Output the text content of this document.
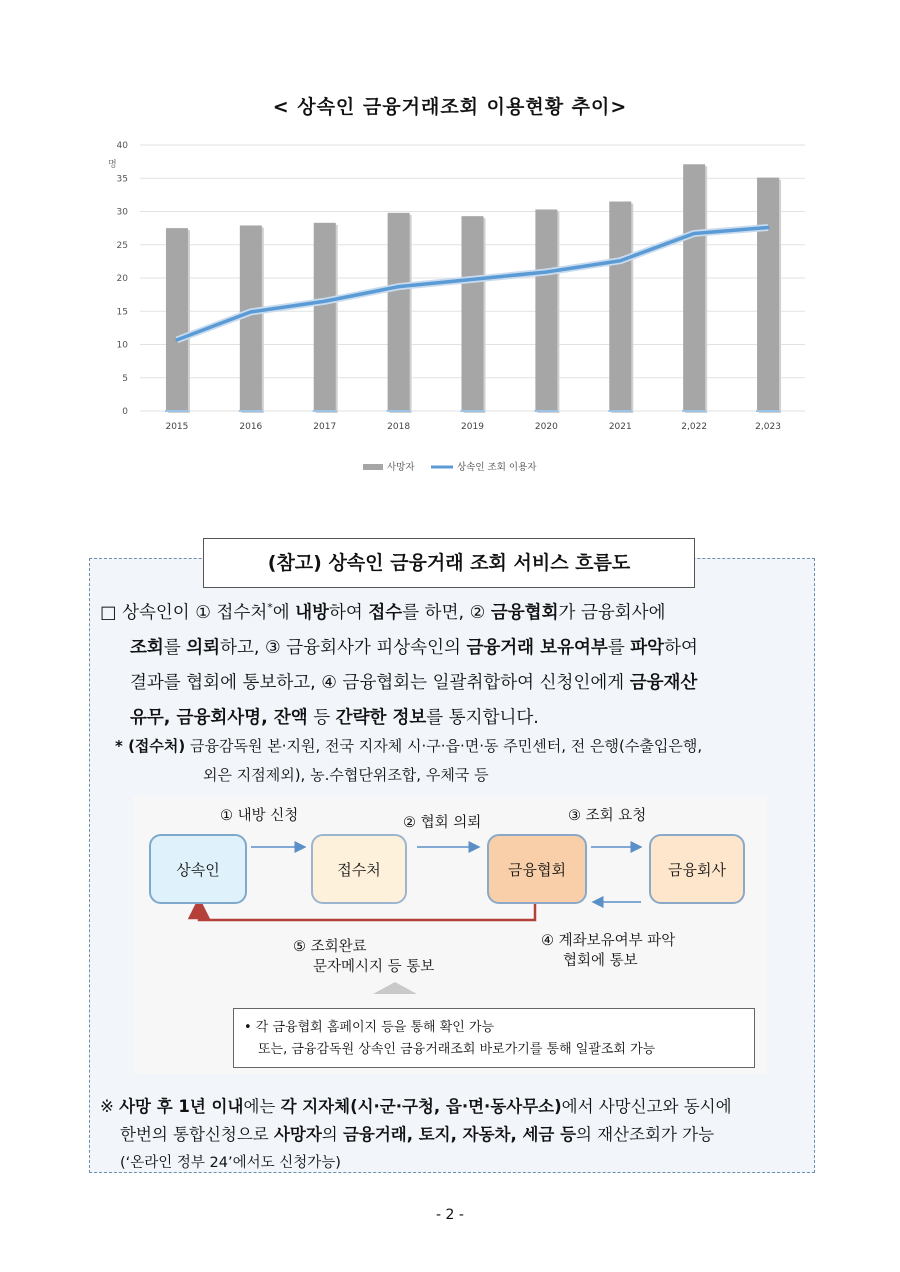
< 상속인 금융거래조회 이용현황 추이>
0
5
10
15
20
25
30
35
40
명
2015	2016	2017	2018	2019	2020	2021	2,022	2,023
사망자	상속인 조회 이용자
(참고) 상속인 금융거래 조회 서비스 흐름도
□ 상속인이 ① 접수처*에 내방하여 접수를 하면, ② 금융협회가 금융회사에
조회를 의뢰하고, ③ 금융회사가 피상속인의 금융거래 보유여부를 파악하여
결과를 협회에 통보하고, ④ 금융협회는 일괄취합하여 신청인에게 금융재산
유무, 금융회사명, 잔액 등 간략한 정보를 통지합니다.
* (접수처) 금융감독원 본·지원, 전국 지자체 시·구·읍·면·동 주민센터, 전 은행(수출입은행,
외은 지점제외), 농.수협단위조합, 우체국 등
상속인	접수처	금융협회	금융회사
① 내방 신청	② 협회 의뢰	③ 조회 요청
④ 계좌보유여부 파악
협회에 통보
⑤ 조회완료
문자메시지 등 통보
• 각 금융협회 홈페이지 등을 통해 확인 가능
또는, 금융감독원 상속인 금융거래조회 바로가기를 통해 일괄조회 가능
※ 사망 후 1년 이내에는 각 지자체(시·군·구청, 읍·면·동사무소)에서 사망신고와 동시에
한번의 통합신청으로 사망자의 금융거래, 토지, 자동차, 세금 등의 재산조회가 가능
(‘온라인 정부 24’에서도 신청가능)
- 2 -
